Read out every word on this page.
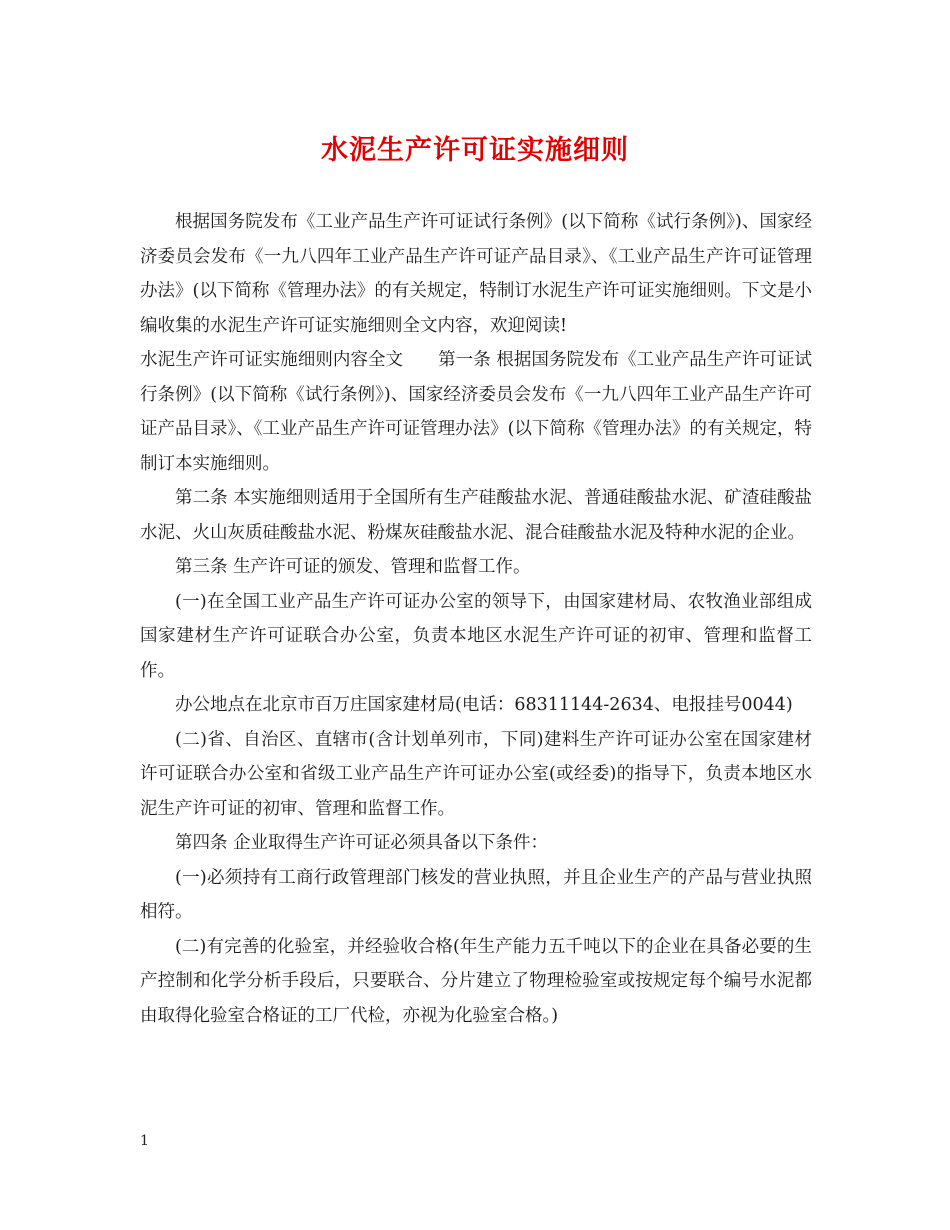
水泥生产许可证实施细则

根据国务院发布《工业产品生产许可证试行条例》(以下简称《试行条例》)、国家经济委员会发布《一九八四年工业产品生产许可证产品目录》、《工业产品生产许可证管理办法》(以下简称《管理办法》的有关规定，特制订水泥生产许可证实施细则。下文是小编收集的水泥生产许可证实施细则全文内容，欢迎阅读!

水泥生产许可证实施细则内容全文　　第一条 根据国务院发布《工业产品生产许可证试行条例》(以下简称《试行条例》)、国家经济委员会发布《一九八四年工业产品生产许可证产品目录》、《工业产品生产许可证管理办法》(以下简称《管理办法》的有关规定，特制订本实施细则。

第二条 本实施细则适用于全国所有生产硅酸盐水泥、普通硅酸盐水泥、矿渣硅酸盐水泥、火山灰质硅酸盐水泥、粉煤灰硅酸盐水泥、混合硅酸盐水泥及特种水泥的企业。

第三条 生产许可证的颁发、管理和监督工作。

(一)在全国工业产品生产许可证办公室的领导下，由国家建材局、农牧渔业部组成国家建材生产许可证联合办公室，负责本地区水泥生产许可证的初审、管理和监督工作。

办公地点在北京市百万庄国家建材局(电话：68311144-2634、电报挂号0044)

(二)省、自治区、直辖市(含计划单列市，下同)建料生产许可证办公室在国家建材许可证联合办公室和省级工业产品生产许可证办公室(或经委)的指导下，负责本地区水泥生产许可证的初审、管理和监督工作。

第四条 企业取得生产许可证必须具备以下条件：

(一)必须持有工商行政管理部门核发的营业执照，并且企业生产的产品与营业执照相符。

(二)有完善的化验室，并经验收合格(年生产能力五千吨以下的企业在具备必要的生产控制和化学分析手段后，只要联合、分片建立了物理检验室或按规定每个编号水泥都由取得化验室合格证的工厂代检，亦视为化验室合格。)

1
